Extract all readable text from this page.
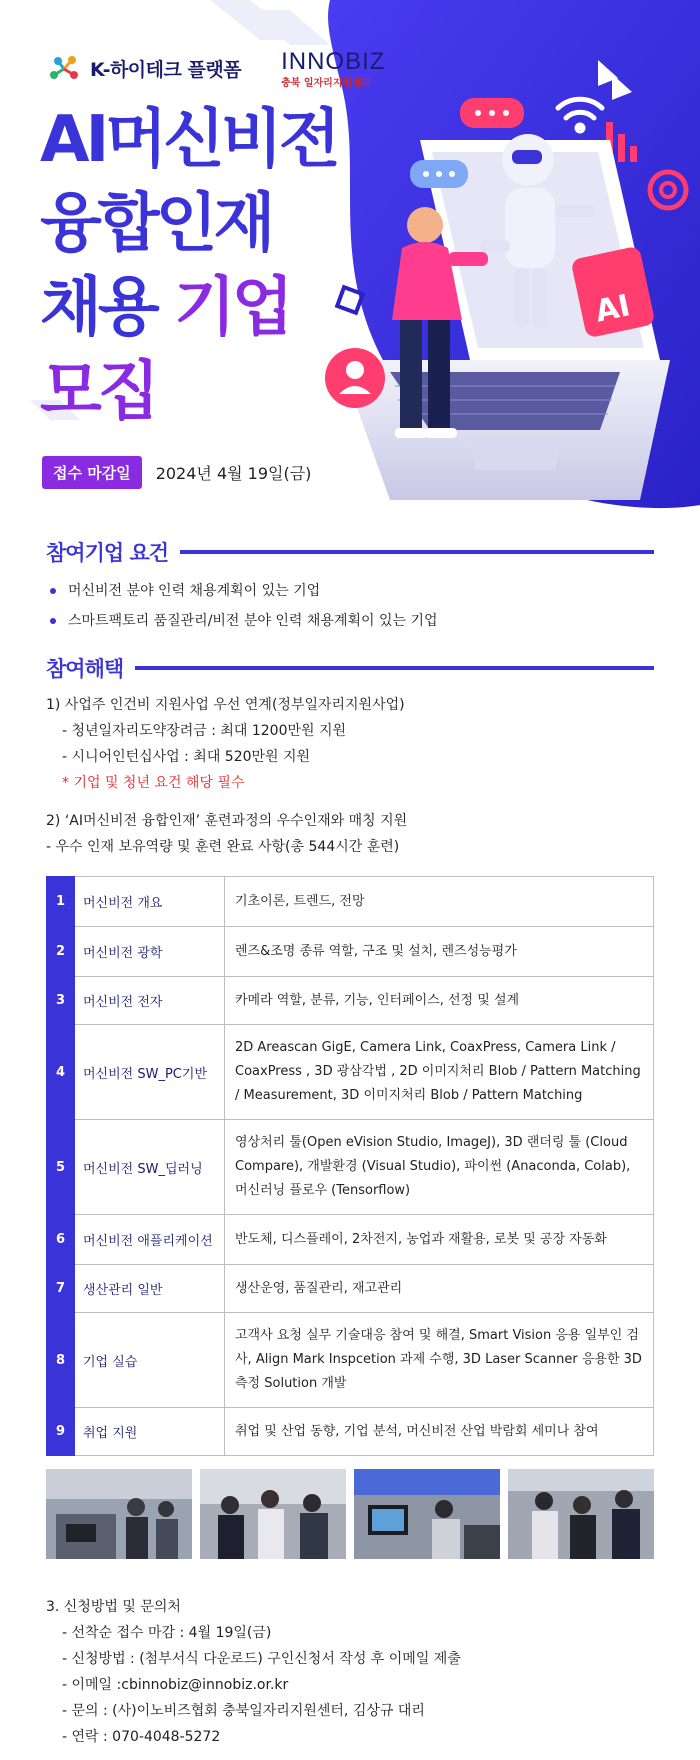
AI
K-하이테크 플랫폼 INNOBIZ
충북 일자리지원센터
AI머신비전
융합인재
채용 기업
모집
접수 마감일	2024년 4월 19일(금)
참여기업 요건
머신비전 분야 인력 채용계획이 있는 기업
스마트팩토리 품질관리/비전 분야 인력 채용계획이 있는 기업
참여해택
1) 사업주 인건비 지원사업 우선 연계(정부일자리지원사업)
- 청년일자리도약장려금 : 최대 1200만원 지원
- 시니어인턴십사업 : 최대 520만원 지원
* 기업 및 청년 요건 해당 필수
2) ‘AI머신비전 융합인재’ 훈련과정의 우수인재와 매칭 지원
- 우수 인재 보유역량 및 훈련 완료 사항(총 544시간 훈련)
1	머신비전 개요	기초이론, 트렌드, 전망
2	머신비전 광학	렌즈&조명 종류 역할, 구조 및 설치, 렌즈성능평가
3	머신비전 전자	카메라 역할, 분류, 기능, 인터페이스, 선정 및 설계
4	머신비전 SW_PC기반	2D Areascan GigE, Camera Link, CoaxPress, Camera Link / CoaxPress , 3D 광삼각법 , 2D 이미지처리 Blob / Pattern Matching / Measurement, 3D 이미지처리 Blob / Pattern Matching
5	머신비전 SW_딥러닝	영상처리 툴(Open eVision Studio, ImageJ), 3D 랜더링 툴 (Cloud Compare), 개발환경 (Visual Studio), 파이썬 (Anaconda, Colab), 머신러닝 플로우 (Tensorflow)
6	머신비전 애플리케이션	반도체, 디스플레이, 2차전지, 농업과 재활용, 로봇 및 공장 자동화
7	생산관리 일반	생산운영, 품질관리, 재고관리
8	기업 실습	고객사 요청 실무 기술대응 참여 및 해결, Smart Vision 응용 일부인 검사, Align Mark Inspcetion 과제 수행, 3D Laser Scanner 응용한 3D 측정 Solution 개발
9	취업 지원	취업 및 산업 동향, 기업 분석, 머신비전 산업 박람회 세미나 참여
3. 신청방법 및 문의처
- 선착순 접수 마감 : 4월 19일(금)
- 신청방법 : (첨부서식 다운로드) 구인신청서 작성 후 이메일 제출
- 이메일 :cbinnobiz@innobiz.or.kr
- 문의 : (사)이노비즈협회 충북일자리지원센터, 김상규 대리
- 연락 : 070-4048-5272
